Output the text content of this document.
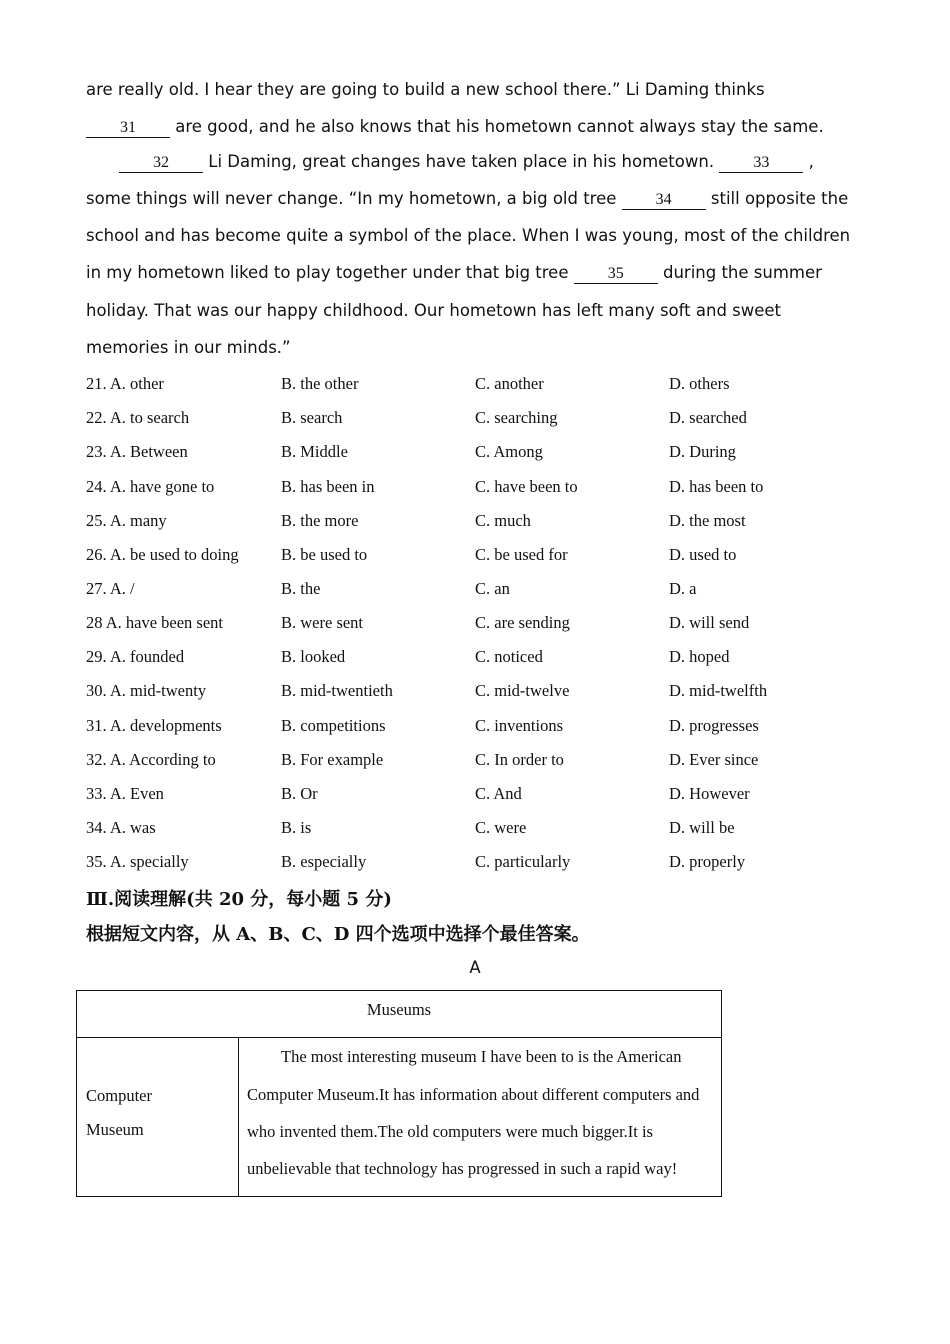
are really old. I hear they are going to build a new school there.” Li Daming thinks
31 are good, and he also knows that his hometown cannot always stay the same.
32 Li Daming, great changes have taken place in his hometown. 33 ,
some things will never change. “In my hometown, a big old tree 34 still opposite the
school and has become quite a symbol of the place. When I was young, most of the children
in my hometown liked to play together under that big tree 35 during the summer
holiday. That was our happy childhood. Our hometown has left many soft and sweet
memories in our minds.”
21. A. other	B. the other	C. another	D. others
22. A. to search	B. search	C. searching	D. searched
23. A. Between	B. Middle	C. Among	D. During
24. A. have gone to	B. has been in	C. have been to	D. has been to
25. A. many	B. the more	C. much	D. the most
26. A. be used to doing	B. be used to	C. be used for	D. used to
27. A. /	B. the	C. an	D. a
28 A. have been sent	B. were sent	C. are sending	D. will send
29. A. founded	B. looked	C. noticed	D. hoped
30. A. mid-twenty	B. mid-twentieth	C. mid-twelve	D. mid-twelfth
31. A. developments	B. competitions	C. inventions	D. progresses
32. A. According to	B. For example	C. In order to	D. Ever since
33. A. Even	B. Or	C. And	D. However
34. A. was	B. is	C. were	D. will be
35. A. specially	B. especially	C. particularly	D. properly
Ⅲ.阅读理解(共 20 分，每小题 5 分)
根据短文内容，从 A、B、C、D 四个选项中选择个最佳答案。
A
Museums
Computer
Museum
The most interesting museum I have been to is the American
Computer Museum.It has information about different computers and
who invented them.The old computers were much bigger.It is
unbelievable that technology has progressed in such a rapid way!
